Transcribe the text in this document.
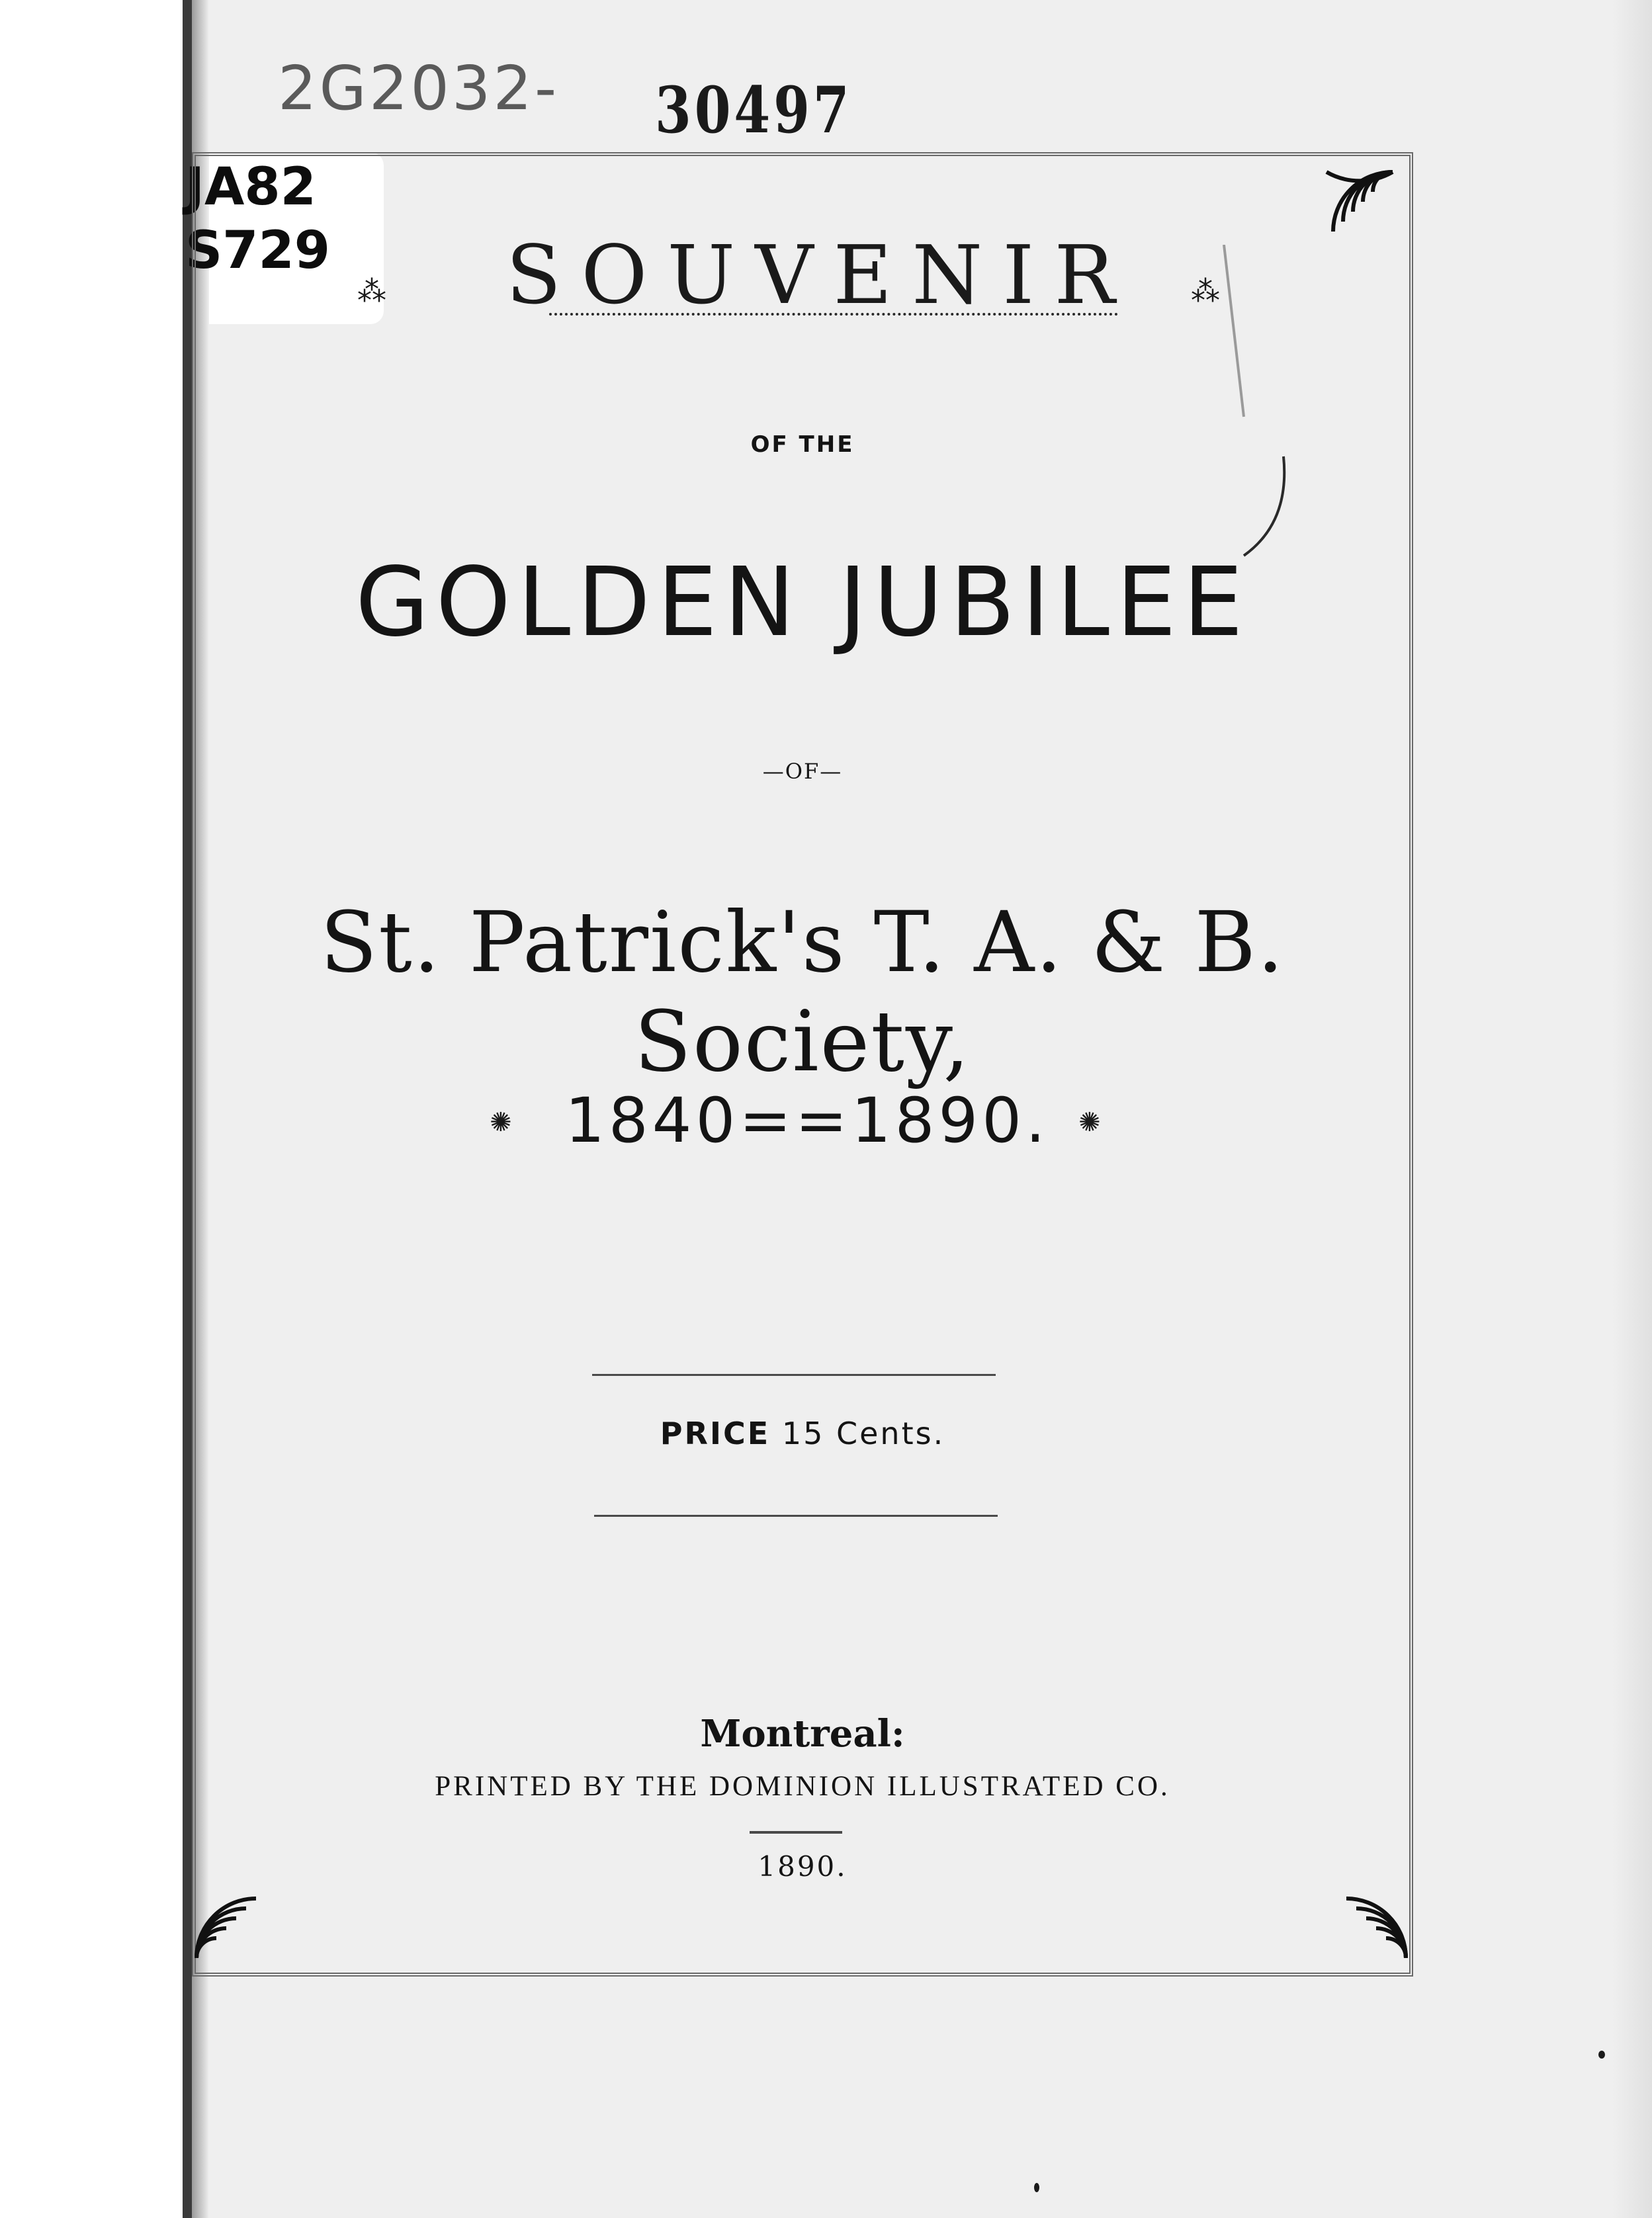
2G2032- 30497
JA82
S729
⁂	SOUVENIR	⁂
OF THE
GOLDEN JUBILEE
—OF—
St. Patrick's T. A. & B. Society,
✺ 1840==1890.	✺
PRICE 15 Cents.
Montreal:
PRINTED BY THE DOMINION ILLUSTRATED CO.
1890.
